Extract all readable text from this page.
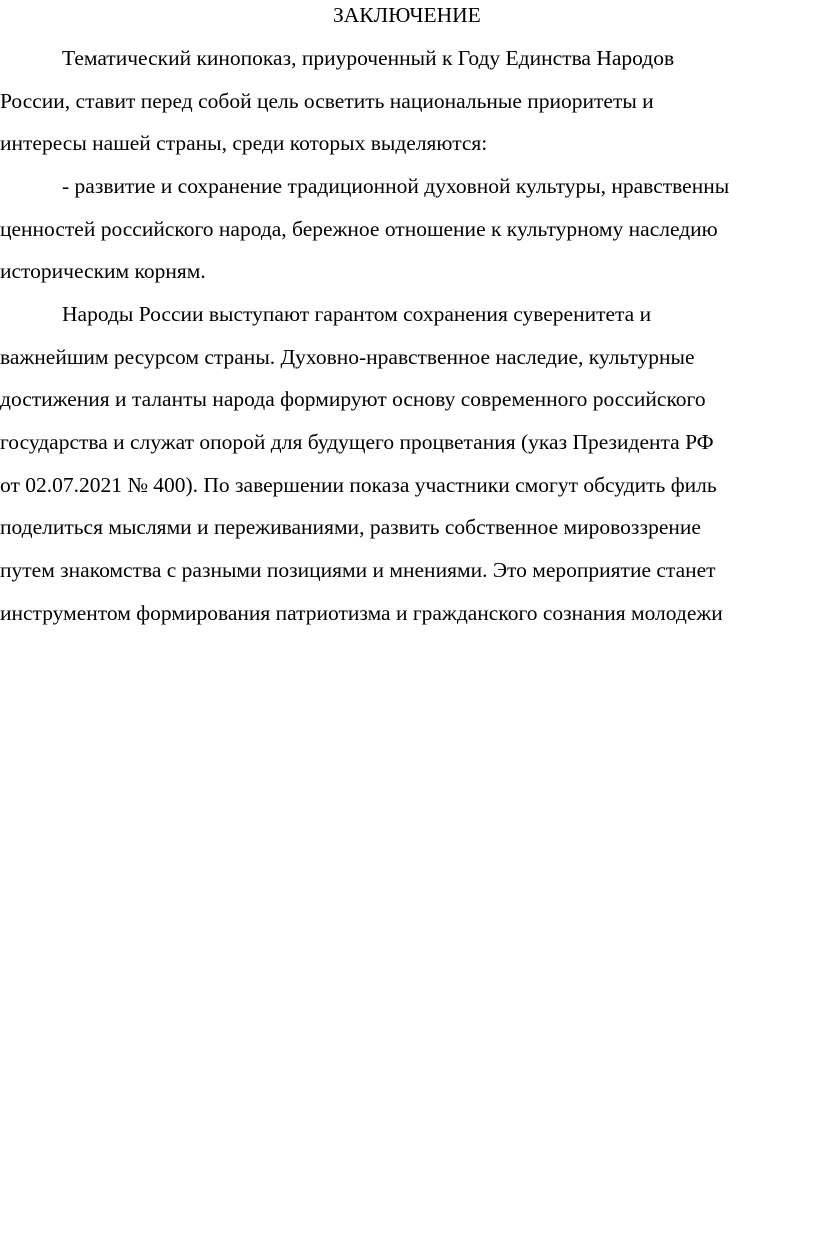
ЗАКЛЮЧЕНИЕ
Тематический кинопоказ, приуроченный к Году Единства Народов
России, ставит перед собой цель осветить национальные приоритеты и
интересы нашей страны, среди которых выделяются:
- развитие и сохранение традиционной духовной культуры, нравственны
ценностей российского народа, бережное отношение к культурному наследию
историческим корням.
Народы России выступают гарантом сохранения суверенитета и
важнейшим ресурсом страны. Духовно-нравственное наследие, культурные
достижения и таланты народа формируют основу современного российского
государства и служат опорой для будущего процветания (указ Президента РФ
от 02.07.2021 № 400). По завершении показа участники смогут обсудить филь
поделиться мыслями и переживаниями, развить собственное мировоззрение
путем знакомства с разными позициями и мнениями. Это мероприятие станет
инструментом формирования патриотизма и гражданского сознания молодежи
